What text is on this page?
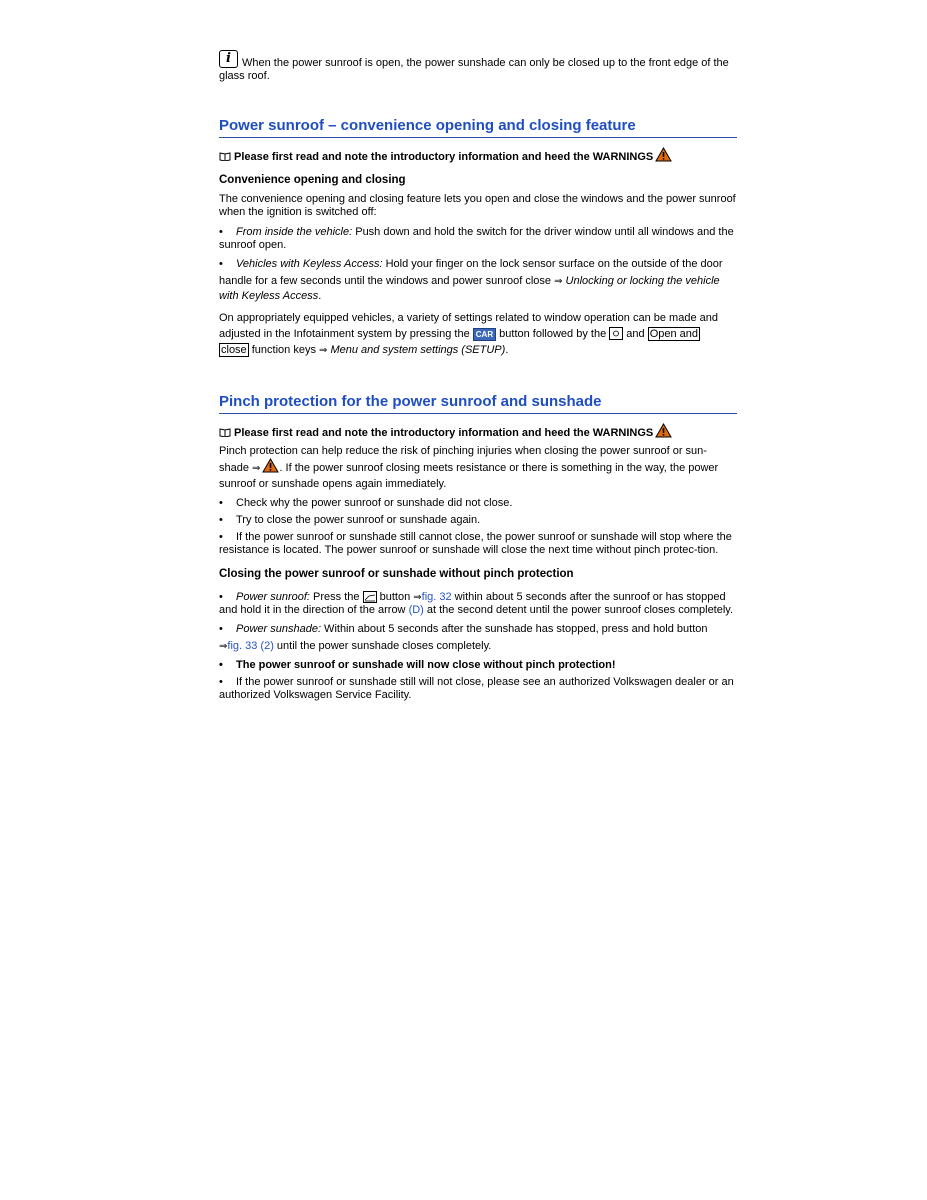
i	When the power sunroof is open, the power sunshade can only be closed up to the front edge of the glass roof.

Power sunroof – convenience opening and closing feature

Please first read and note the introductory information and heed the WARNINGS

Convenience opening and closing

The convenience opening and closing feature lets you open and close the windows and the power sunroof when the ignition is switched off:

• From inside the vehicle: Push down and hold the switch for the driver window until all windows and the sunroof open.

• Vehicles with Keyless Access: Hold your finger on the lock sensor surface on the outside of the door handle for a few seconds until the windows and power sunroof close ⇒ Unlocking or locking the vehicle with Keyless Access.

On appropriately equipped vehicles, a variety of settings related to window operation can be made and adjusted in the Infotainment system by pressing the CAR button followed by the  and Open and
close function keys ⇒ Menu and system settings (SETUP).

Pinch protection for the power sunroof and sunshade

Please first read and note the introductory information and heed the WARNINGS

Pinch protection can help reduce the risk of pinching injuries when closing the power sunroof or sun-
shade ⇒ . If the power sunroof closing meets resistance or there is something in the way, the power sunroof or sunshade opens again immediately.

• Check why the power sunroof or sunshade did not close.

• Try to close the power sunroof or sunshade again.

• If the power sunroof or sunshade still cannot close, the power sunroof or sunshade will stop where the resistance is located. The power sunroof or sunshade will close the next time without pinch protec-tion.

Closing the power sunroof or sunshade without pinch protection

• Power sunroof: Press the  button ⇒fig. 32 within about 5 seconds after the sunroof or has stopped and hold it in the direction of the arrow (D) at the second detent until the power sunroof closes completely.

• Power sunshade: Within about 5 seconds after the sunshade has stopped, press and hold button
⇒fig. 33 (2) until the power sunshade closes completely.

• The power sunroof or sunshade will now close without pinch protection!

• If the power sunroof or sunshade still will not close, please see an authorized Volkswagen dealer or an authorized Volkswagen Service Facility.
